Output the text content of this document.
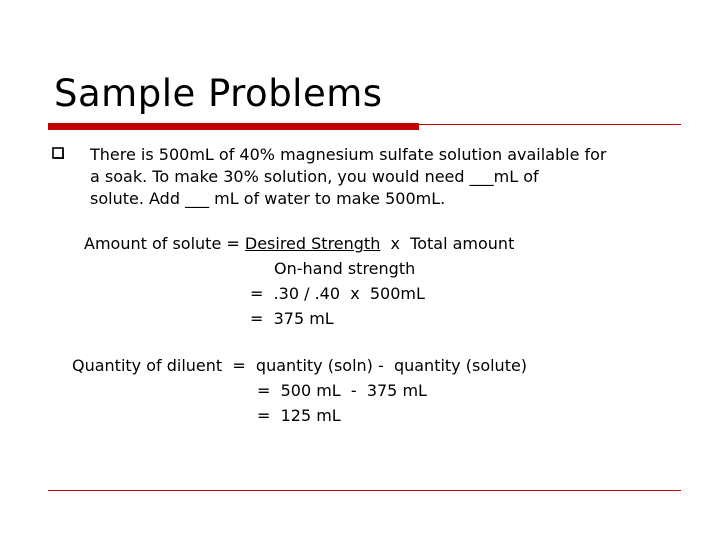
Sample Problems
There is 500mL of 40% magnesium sulfate solution available for
a soak. To make 30% solution, you would need ___mL of
solute. Add ___ mL of water to make 500mL.
Amount of solute = Desired Strength  x  Total amount
On-hand strength
=  .30 / .40  x  500mL
=  375 mL
Quantity of diluent  =  quantity (soln) -  quantity (solute)
=  500 mL  -  375 mL
=  125 mL
